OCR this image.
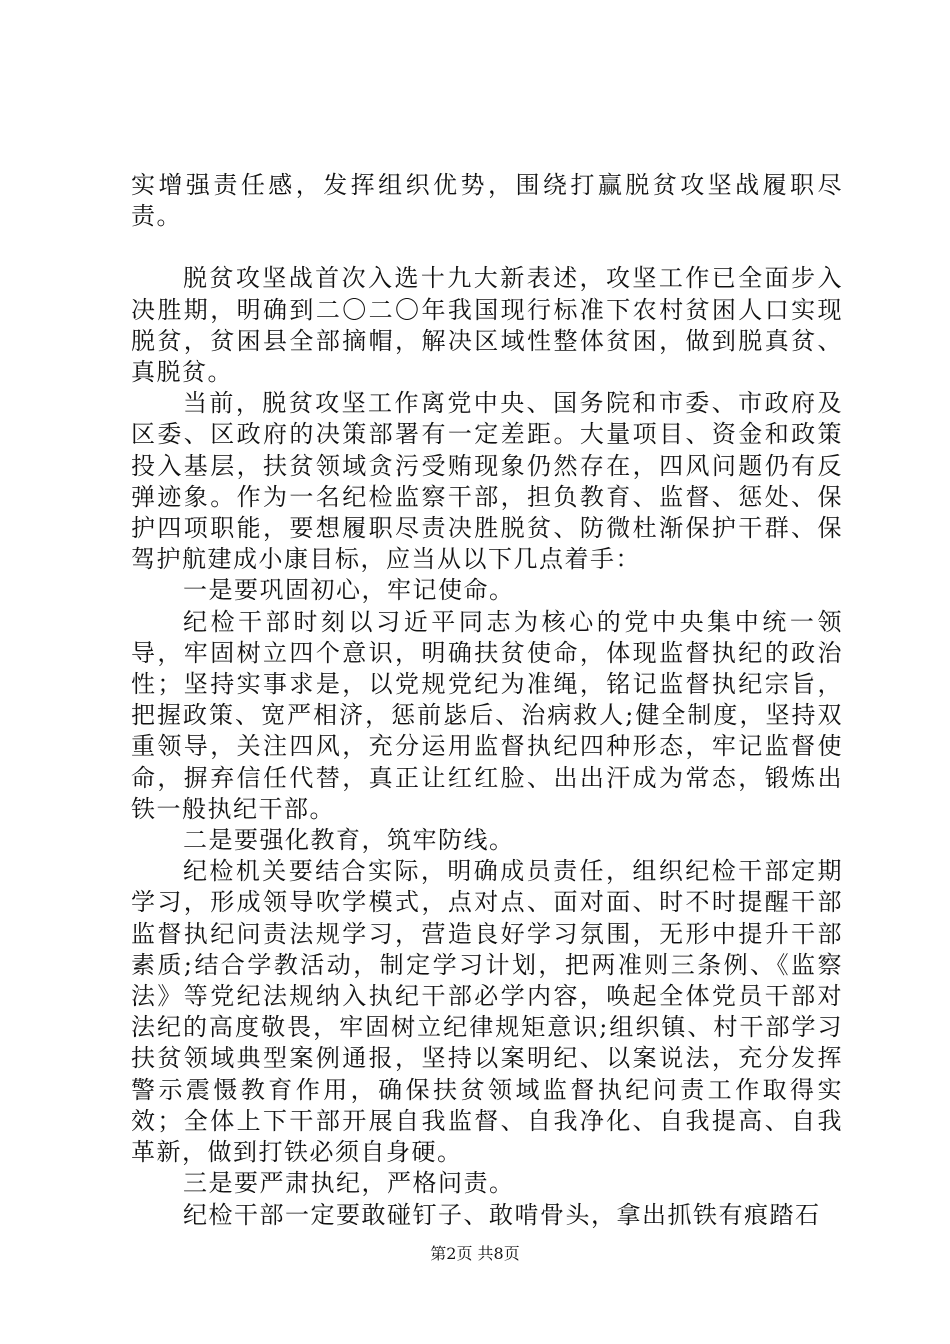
实增强责任感，发挥组织优势，围绕打赢脱贫攻坚战履职尽责。

脱贫攻坚战首次入选十九大新表述，攻坚工作已全面步入决胜期，明确到二〇二〇年我国现行标准下农村贫困人口实现脱贫，贫困县全部摘帽，解决区域性整体贫困，做到脱真贫、真脱贫。

当前，脱贫攻坚工作离党中央、国务院和市委、市政府及区委、区政府的决策部署有一定差距。大量项目、资金和政策投入基层，扶贫领域贪污受贿现象仍然存在，四风问题仍有反弹迹象。作为一名纪检监察干部，担负教育、监督、惩处、保护四项职能，要想履职尽责决胜脱贫、防微杜渐保护干群、保驾护航建成小康目标，应当从以下几点着手：

一是要巩固初心，牢记使命。

纪检干部时刻以习近平同志为核心的党中央集中统一领导，牢固树立四个意识，明确扶贫使命，体现监督执纪的政治性；坚持实事求是，以党规党纪为准绳，铭记监督执纪宗旨，把握政策、宽严相济，惩前毖后、治病救人;健全制度，坚持双重领导，关注四风，充分运用监督执纪四种形态，牢记监督使命，摒弃信任代替，真正让红红脸、出出汗成为常态，锻炼出铁一般执纪干部。

二是要强化教育，筑牢防线。

纪检机关要结合实际，明确成员责任，组织纪检干部定期学习，形成领导吹学模式，点对点、面对面、时不时提醒干部监督执纪问责法规学习，营造良好学习氛围，无形中提升干部素质;结合学教活动，制定学习计划，把两准则三条例、《监察法》等党纪法规纳入执纪干部必学内容，唤起全体党员干部对法纪的高度敬畏，牢固树立纪律规矩意识;组织镇、村干部学习扶贫领域典型案例通报，坚持以案明纪、以案说法，充分发挥警示震慑教育作用，确保扶贫领域监督执纪问责工作取得实效；全体上下干部开展自我监督、自我净化、自我提高、自我革新，做到打铁必须自身硬。

三是要严肃执纪，严格问责。

纪检干部一定要敢碰钉子、敢啃骨头，拿出抓铁有痕踏石

第2页 共8页
